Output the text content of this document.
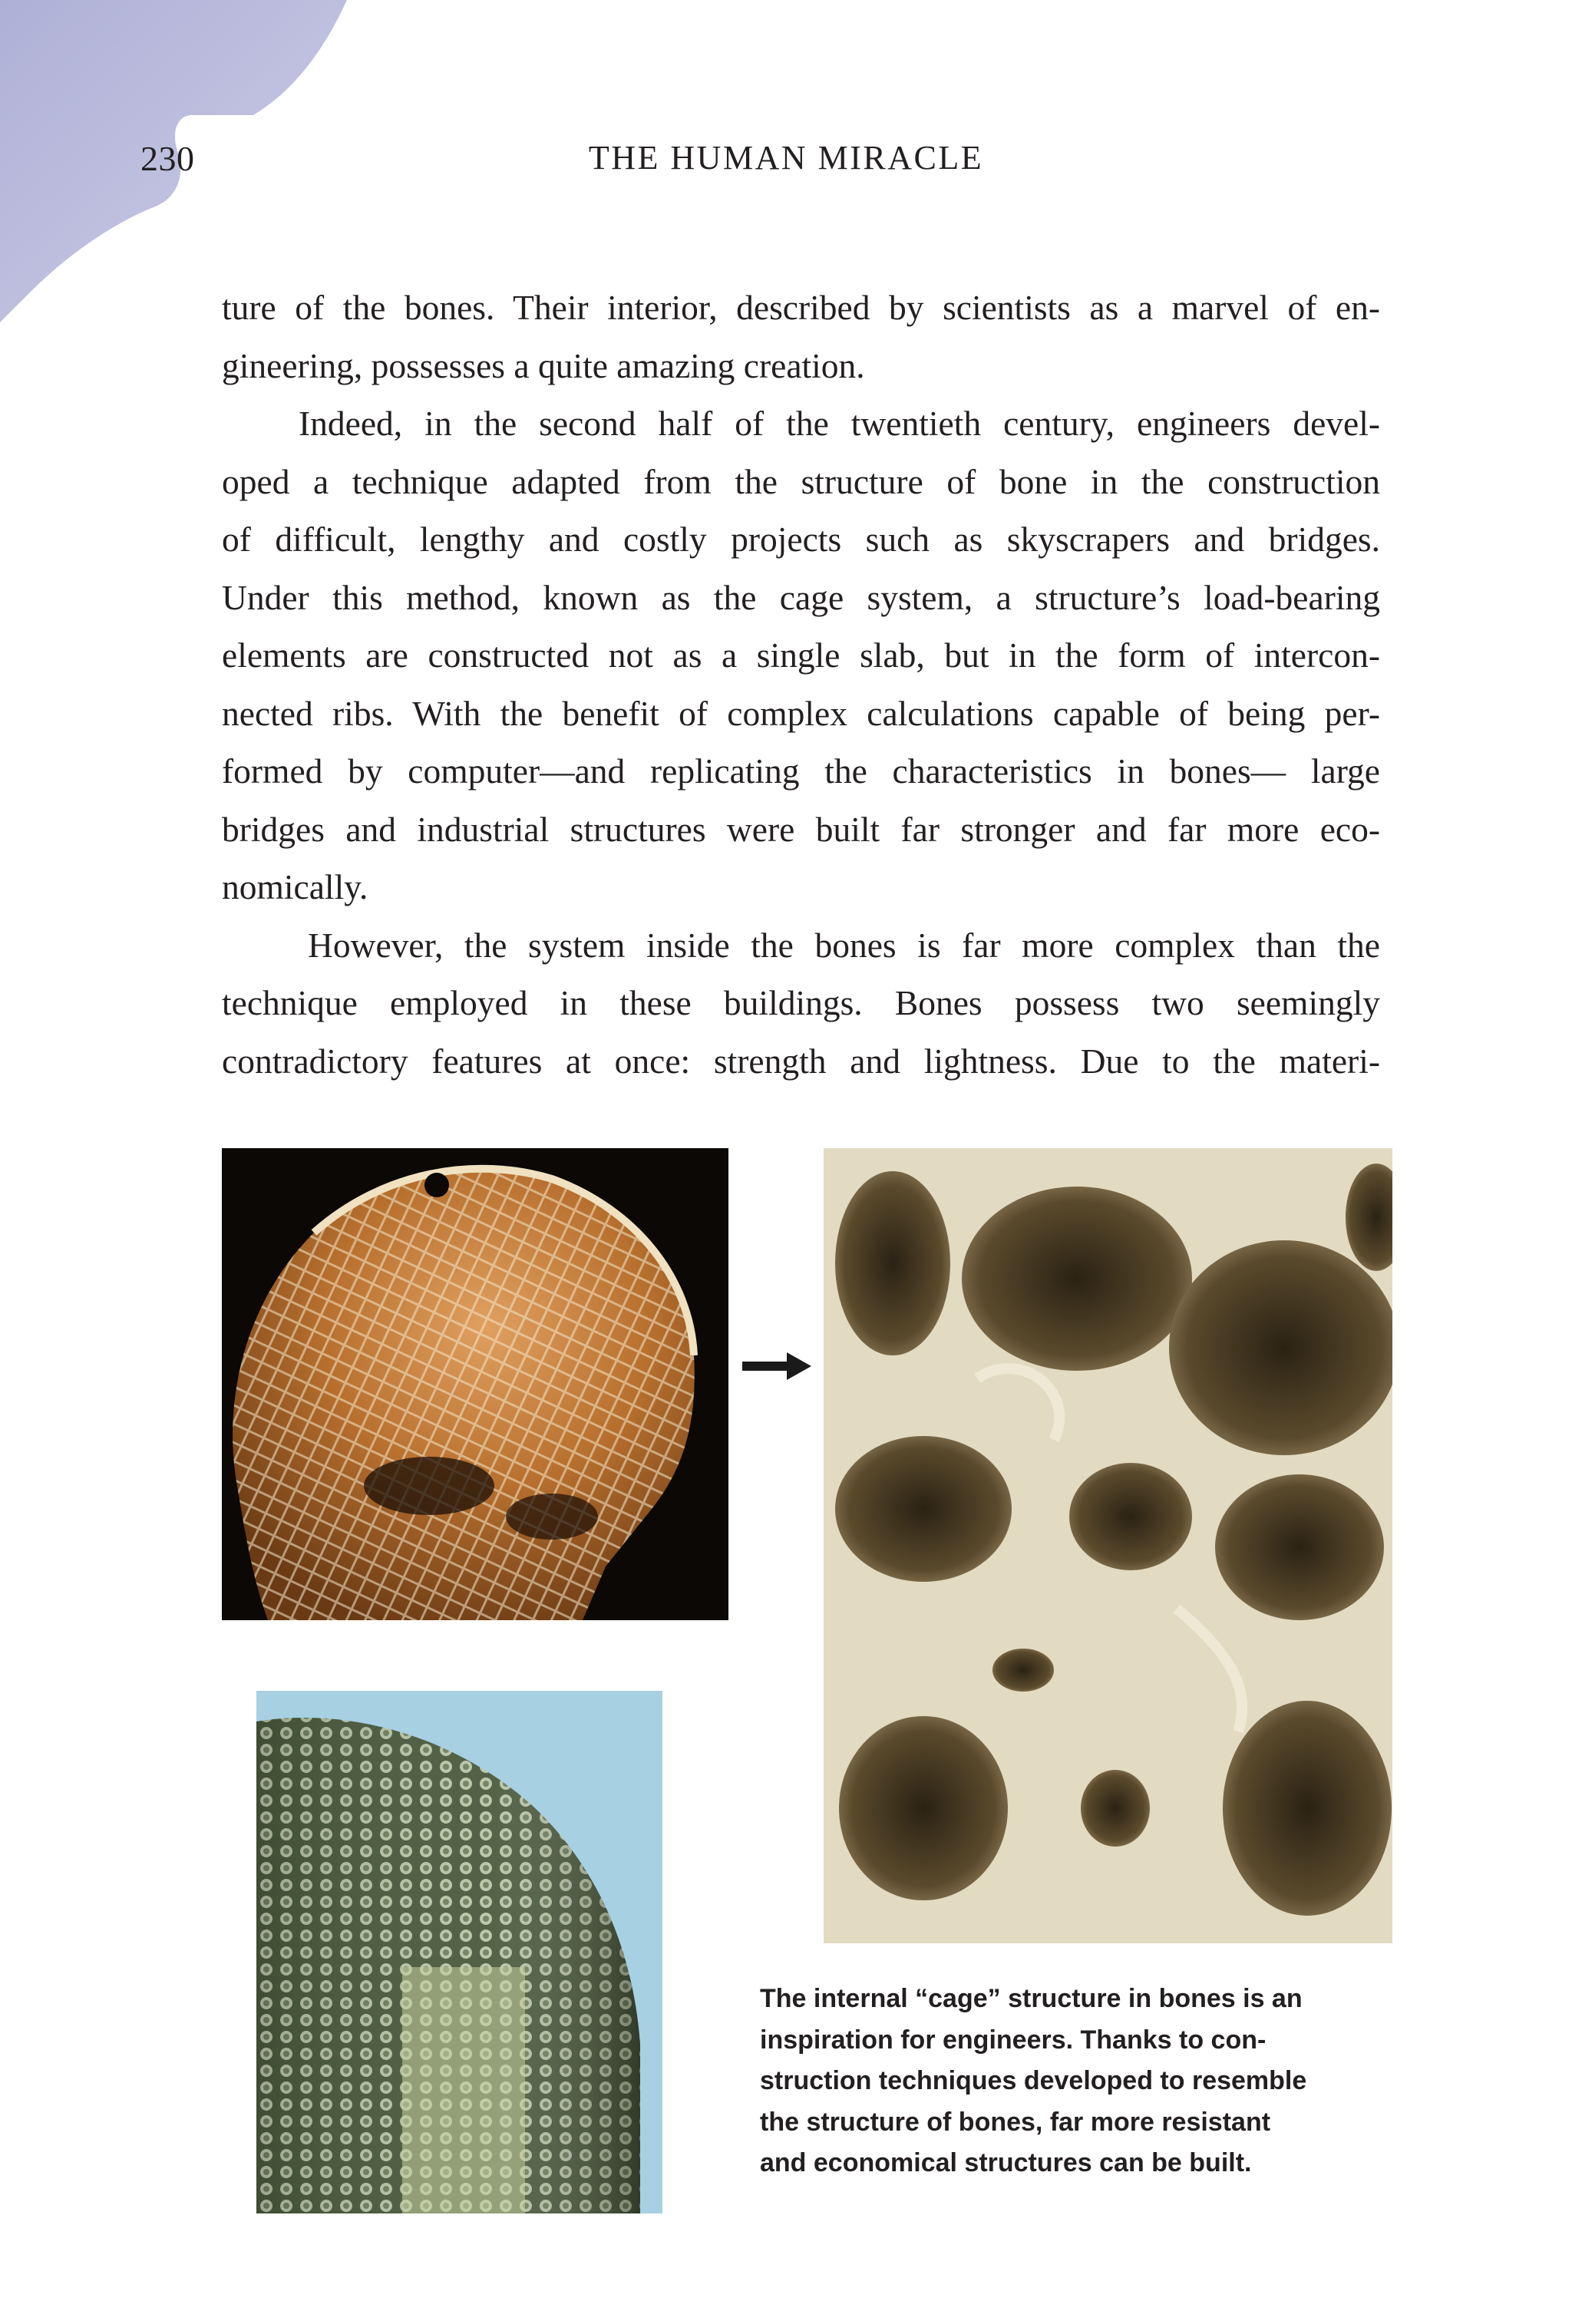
230	THE HUMAN MIRACLE
ture of the bones. Their interior, described by scientists as a marvel of en-
gineering, possesses a quite amazing creation.
Indeed, in the second half of the twentieth century, engineers devel-
oped a technique adapted from the structure of bone in the construction
of difficult, lengthy and costly projects such as skyscrapers and bridges.
Under this method, known as the cage system, a structure’s load-bearing
elements are constructed not as a single slab, but in the form of intercon-
nected ribs. With the benefit of complex calculations capable of being per-
formed by computer—and replicating the characteristics in bones— large
bridges and industrial structures were built far stronger and far more eco-
nomically.
However, the system inside the bones is far more complex than the
technique employed in these buildings. Bones possess two seemingly
contradictory features at once: strength and lightness. Due to the materi-
The internal “cage” structure in bones is an
inspiration for engineers. Thanks to con-
struction techniques developed to resemble
the structure of bones, far more resistant
and economical structures can be built.
